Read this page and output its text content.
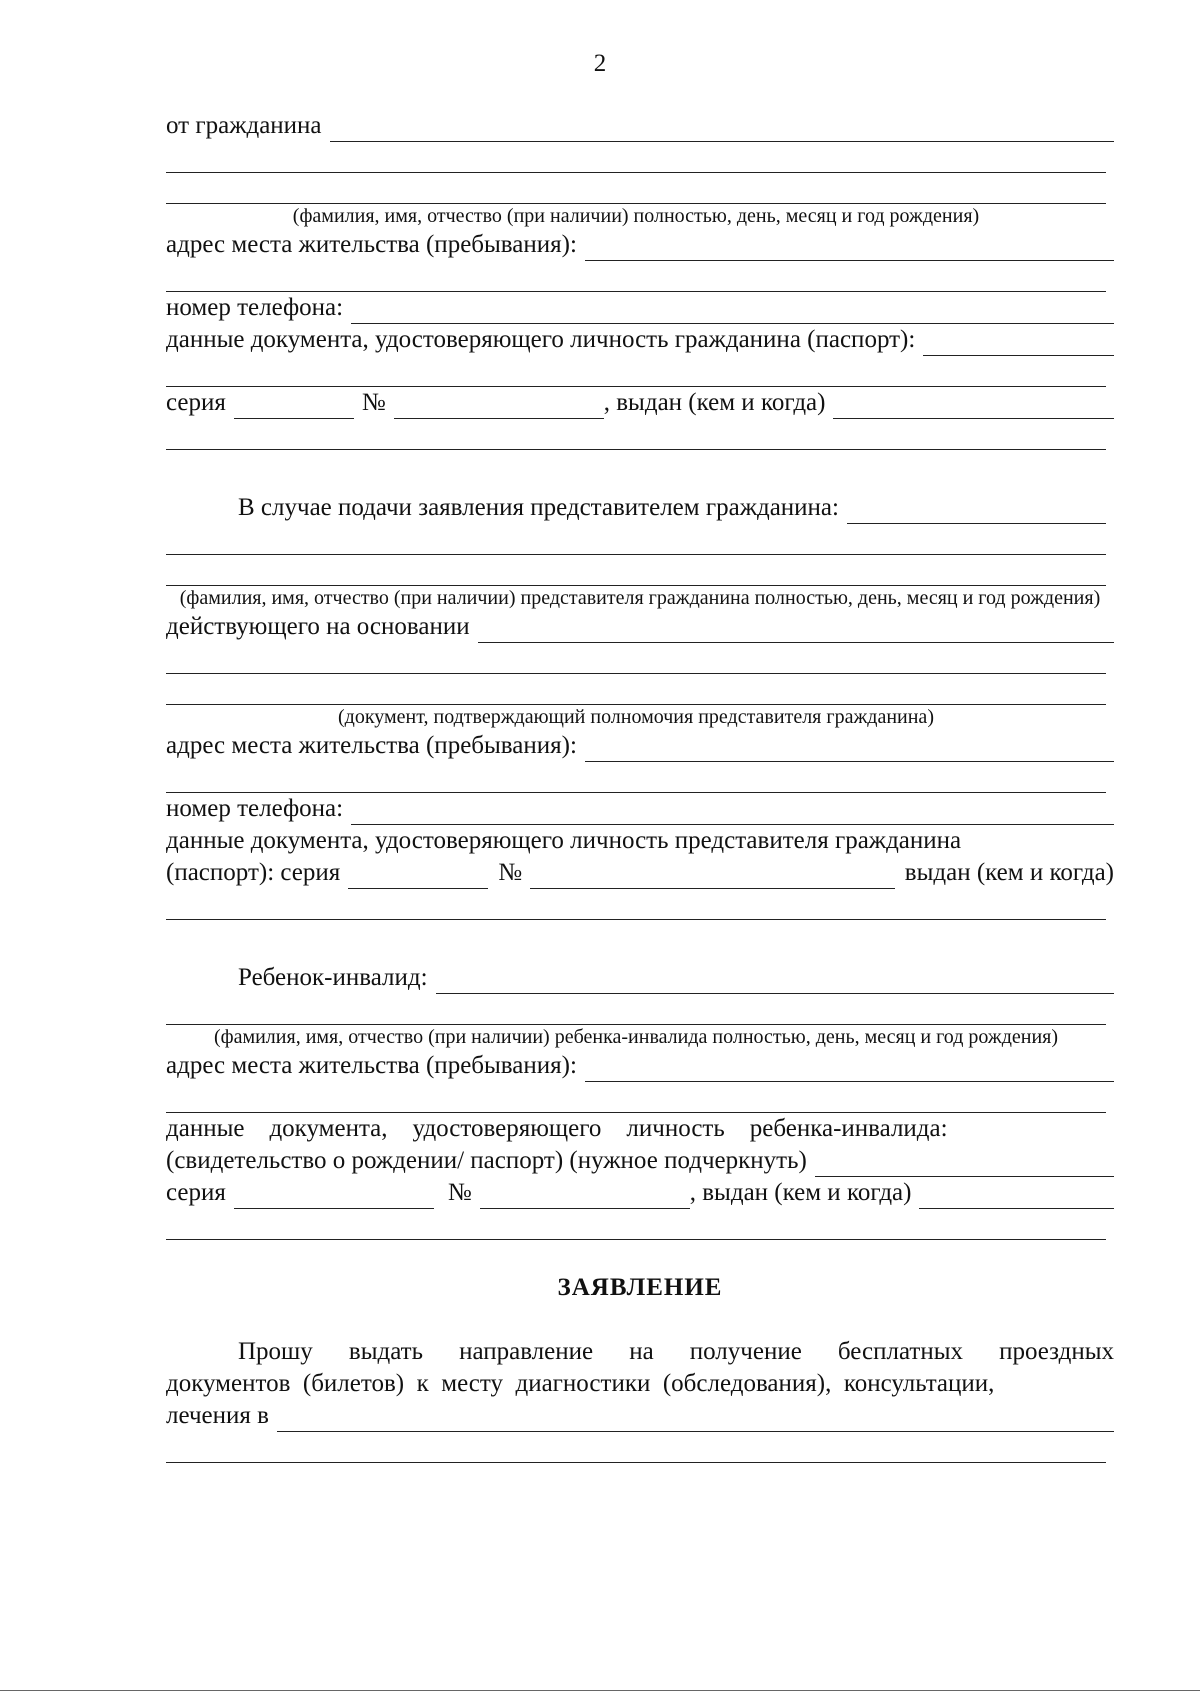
2
от гражданина
(фамилия, имя, отчество (при наличии) полностью, день, месяц и год рождения)
адрес места жительства (пребывания):
номер телефона:
данные документа, удостоверяющего личность гражданина (паспорт):
серия	№	, выдан (кем и когда)
В случае подачи заявления представителем гражданина:
(фамилия, имя, отчество (при наличии) представителя гражданина полностью, день, месяц и год рождения)
действующего на основании
(документ, подтверждающий полномочия представителя гражданина)
адрес места жительства (пребывания):
номер телефона:
данные документа, удостоверяющего личность представителя гражданина
(паспорт): серия	№	выдан (кем и когда)
Ребенок-инвалид:
(фамилия, имя, отчество (при наличии) ребенка-инвалида полностью, день, месяц и год рождения)
адрес места жительства (пребывания):
данные    документа,    удостоверяющего    личность    ребенка-инвалида:
(свидетельство о рождении/ паспорт) (нужное подчеркнуть)
серия	№	, выдан (кем и когда)
ЗАЯВЛЕНИЕ
Прошу  выдать  направление  на  получение  бесплатных  проездных
документов  (билетов)  к  месту  диагностики  (обследования),  консультации,
лечения в
